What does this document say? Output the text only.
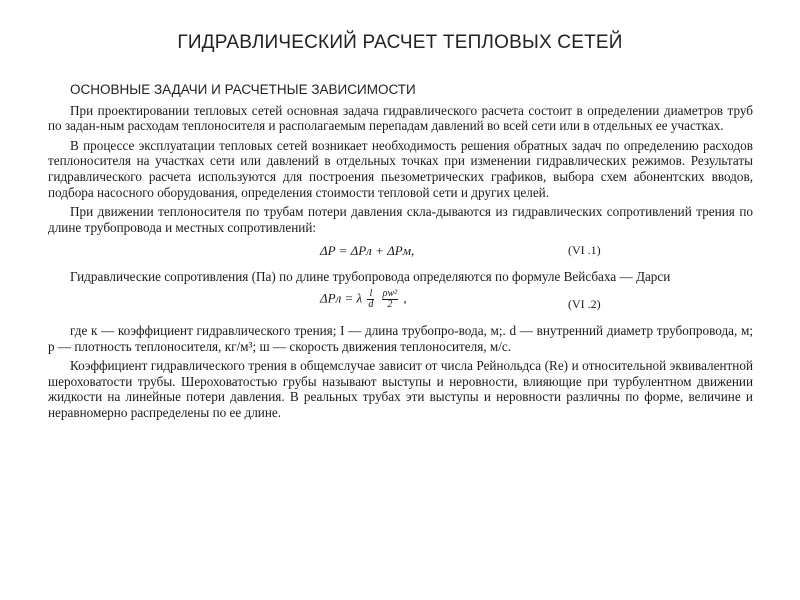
ГИДРАВЛИЧЕСКИЙ РАСЧЕТ ТЕПЛОВЫХ СЕТЕЙ
ОСНОВНЫЕ ЗАДАЧИ И РАСЧЕТНЫЕ ЗАВИСИМОСТИ

При проектировании тепловых сетей основная задача гидравлического расчета состоит в определении диаметров труб по задан-ным расходам теплоносителя и располагаемым перепадам давлений во всей сети или в отдельных ее участках.

В процессе эксплуатации тепловых сетей возникает необходимость решения обратных задач по определению расходов теплоносителя на участках сети или давлений в отдельных точках при изменении гидравлических режимов. Результаты гидравлического расчета используются для построения пьезометрических графиков, выбора схем абонентских вводов, подбора насосного оборудования, определения стоимости тепловой сети и других целей.

При движении теплоносителя по трубам потери давления скла-дываются из гидравлических сопротивлений трения по длине трубопровода и местных сопротивлений:

ΔP = ΔPл + ΔPм,	(VI .1)

Гидравлические сопротивления (Па) по длине трубопровода определяются по формуле Вейсбаха — Дарси

ΔPл = λ $\frac{l}{d}$
$\frac{\text{ρw²}}{2}$ ,	(VI .2)

где к — коэффициент гидравлического трения; I — длина трубопро-вода, м;. d — внутренний диаметр трубопровода, м; р — плотность теплоносителя, кг/м³; ш — скорость движения теплоносителя, м/с.

Коэффициент гидравлического трения в общемслучае зависит от числа Рейнольдса (Re) и относительной эквивалентной шероховатости трубы. Шероховатостью грубы называют выступы и неровности, влияющие при турбулентном движении жидкости на линейные потери давления. В реальных трубах эти выступы и неровности различны по форме, величине и неравномерно распределены по ее длине.
